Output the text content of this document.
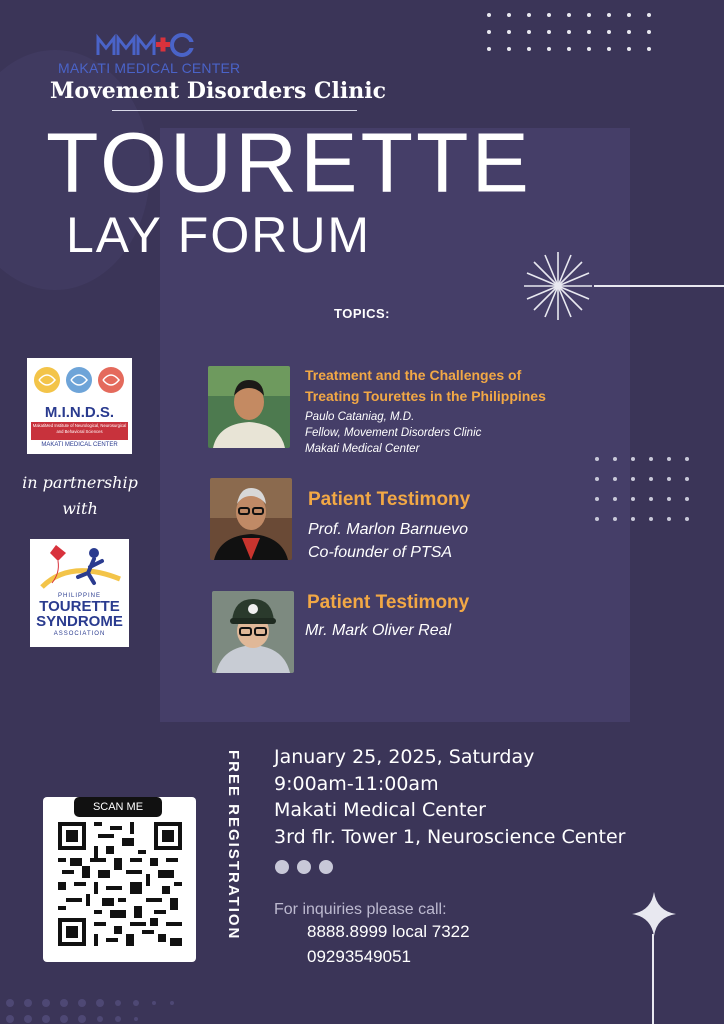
MAKATI MEDICAL CENTER
Movement Disorders Clinic
TOURETTE
LAY FORUM
TOPICS:
Treatment and the Challenges of
Treating Tourettes in the Philippines
Paulo Cataniag, M.D.
Fellow, Movement Disorders Clinic
Makati Medical Center
Patient Testimony
Prof. Marlon Barnuevo
Co-founder of PTSA
Patient Testimony
Mr. Mark Oliver Real
M.I.N.D.S.
MakatiMed Institute of Neurological, Neurosurgical and Behavioral Sciences
MAKATI MEDICAL CENTER
in partnership
with
PHILIPPINE
TOURETTE
SYNDROME
ASSOCIATION
FREE REGISTRATION January 25, 2025, Saturday
9:00am-11:00am
Makati Medical Center
3rd flr. Tower 1, Neuroscience Center
For inquiries please call:
8888.8999 local 7322
09293549051
SCAN ME
